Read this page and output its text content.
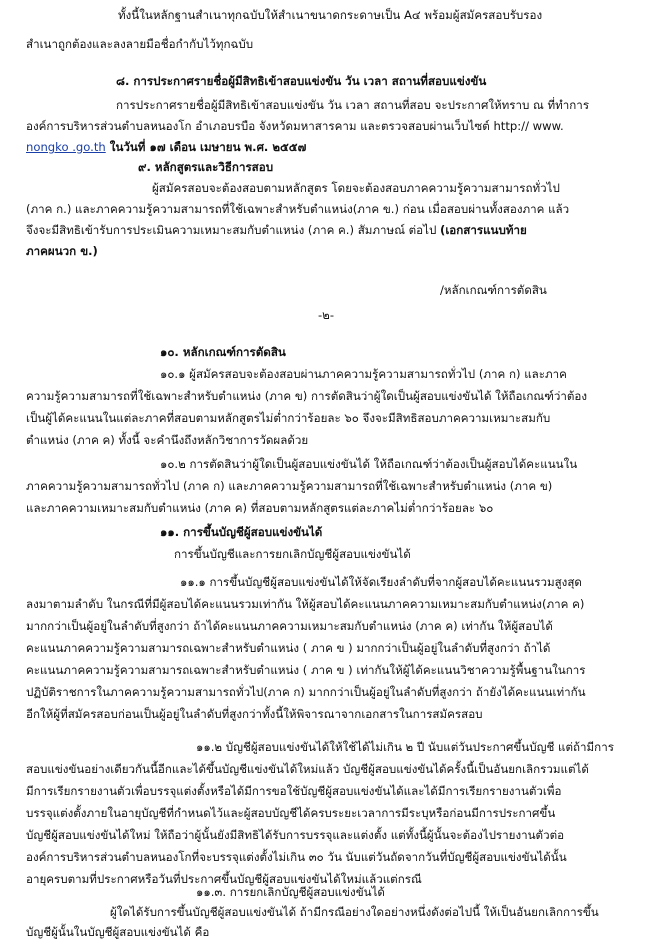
ทั้งนี้ในหลักฐานสำเนาทุกฉบับให้สำเนาขนาดกระดาษเป็น A๔ พร้อมผู้สมัครสอบรับรอง
สำเนาถูกต้องและลงลายมือชื่อกำกับไว้ทุกฉบับ
๘. การประกาศรายชื่อผู้มีสิทธิเข้าสอบแข่งขัน วัน เวลา สถานที่สอบแข่งขัน
การประกาศรายชื่อผู้มีสิทธิเข้าสอบแข่งขัน วัน เวลา สถานที่สอบ จะประกาศให้ทราบ ณ ที่ทำการ
องค์การบริหารส่วนตำบลหนองโก อำเภอบรบือ จังหวัดมหาสารคาม และตรวจสอบผ่านเว็บไซต์ http:// www.
nongko .go.th ในวันที่ ๑๗ เดือน เมษายน พ.ศ. ๒๕๕๗
๙. หลักสูตรและวิธีการสอบ
ผู้สมัครสอบจะต้องสอบตามหลักสูตร โดยจะต้องสอบภาคความรู้ความสามารถทั่วไป
(ภาค ก.) และภาคความรู้ความสามารถที่ใช้เฉพาะสำหรับตำแหน่ง(ภาค ข.) ก่อน เมื่อสอบผ่านทั้งสองภาค แล้ว
จึงจะมีสิทธิเข้ารับการประเมินความเหมาะสมกับตำแหน่ง (ภาค ค.) สัมภาษณ์ ต่อไป (เอกสารแนบท้าย
ภาคผนวก ข.)
/หลักเกณฑ์การตัดสิน
-๒-
๑๐. หลักเกณฑ์การตัดสิน
๑๐.๑ ผู้สมัครสอบจะต้องสอบผ่านภาคความรู้ความสามารถทั่วไป (ภาค ก) และภาค
ความรู้ความสามารถที่ใช้เฉพาะสำหรับตำแหน่ง (ภาค ข) การตัดสินว่าผู้ใดเป็นผู้สอบแข่งขันได้ ให้ถือเกณฑ์ว่าต้อง
เป็นผู้ได้คะแนนในแต่ละภาคที่สอบตามหลักสูตรไม่ต่ำกว่าร้อยละ ๖๐ จึงจะมีสิทธิสอบภาคความเหมาะสมกับ
ตำแหน่ง (ภาค ค) ทั้งนี้ จะคำนึงถึงหลักวิชาการวัดผลด้วย
๑๐.๒ การตัดสินว่าผู้ใดเป็นผู้สอบแข่งขันได้ ให้ถือเกณฑ์ว่าต้องเป็นผู้สอบได้คะแนนใน
ภาคความรู้ความสามารถทั่วไป (ภาค ก) และภาคความรู้ความสามารถที่ใช้เฉพาะสำหรับตำแหน่ง (ภาค ข)
และภาคความเหมาะสมกับตำแหน่ง (ภาค ค) ที่สอบตามหลักสูตรแต่ละภาคไม่ต่ำกว่าร้อยละ ๖๐
๑๑. การขึ้นบัญชีผู้สอบแข่งขันได้
การขึ้นบัญชีและการยกเลิกบัญชีผู้สอบแข่งขันได้
๑๑.๑ การขึ้นบัญชีผู้สอบแข่งขันได้ให้จัดเรียงลำดับที่จากผู้สอบได้คะแนนรวมสูงสุด
ลงมาตามลำดับ ในกรณีที่มีผู้สอบได้คะแนนรวมเท่ากัน ให้ผู้สอบได้คะแนนภาคความเหมาะสมกับตำแหน่ง(ภาค ค)
มากกว่าเป็นผู้อยู่ในลำดับที่สูงกว่า ถ้าได้คะแนนภาคความเหมาะสมกับตำแหน่ง (ภาค ค) เท่ากัน ให้ผู้สอบได้
คะแนนภาคความรู้ความสามารถเฉพาะสำหรับตำแหน่ง ( ภาค ข ) มากกว่าเป็นผู้อยู่ในลำดับที่สูงกว่า ถ้าได้
คะแนนภาคความรู้ความสามารถเฉพาะสำหรับตำแหน่ง ( ภาค ข ) เท่ากันให้ผู้ได้คะแนนวิชาความรู้พื้นฐานในการ
ปฏิบัติราชการในภาคความรู้ความสามารถทั่วไป(ภาค ก) มากกว่าเป็นผู้อยู่ในลำดับที่สูงกว่า ถ้ายังได้คะแนนเท่ากัน
อีกให้ผู้ที่สมัครสอบก่อนเป็นผู้อยู่ในลำดับที่สูงกว่าทั้งนี้ให้พิจารณาจากเอกสารในการสมัครสอบ
๑๑.๒ บัญชีผู้สอบแข่งขันได้ให้ใช้ได้ไม่เกิน ๒ ปี นับแต่วันประกาศขึ้นบัญชี แต่ถ้ามีการ
สอบแข่งขันอย่างเดียวกันนี้อีกและได้ขึ้นบัญชีแข่งขันได้ใหม่แล้ว บัญชีผู้สอบแข่งขันได้ครั้งนี้เป็นอันยกเลิกรวมแต่ได้
มีการเรียกรายงานตัวเพื่อบรรจุแต่งตั้งหรือได้มีการขอใช้บัญชีผู้สอบแข่งขันได้และได้มีการเรียกรายงานตัวเพื่อ
บรรจุแต่งตั้งภายในอายุบัญชีที่กำหนดไว้และผู้สอบบัญชีได้ครบระยะเวลาการมีระบุหรือก่อนมีการประกาศขึ้น
บัญชีผู้สอบแข่งขันได้ใหม่ ให้ถือว่าผู้นั้นยังมีสิทธิได้รับการบรรจุและแต่งตั้ง แต่ทั้งนี้ผู้นั้นจะต้องไปรายงานตัวต่อ
องค์การบริหารส่วนตำบลหนองโกที่จะบรรจุแต่งตั้งไม่เกิน ๓๐ วัน นับแต่วันถัดจากวันที่บัญชีผู้สอบแข่งขันได้นั้น
อายุครบตามที่ประกาศหรือวันที่ประกาศขึ้นบัญชีผู้สอบแข่งขันได้ใหม่แล้วแต่กรณี
๑๑.๓. การยกเลิกบัญชีผู้สอบแข่งขันได้
ผู้ใดได้รับการขึ้นบัญชีผู้สอบแข่งขันได้ ถ้ามีกรณีอย่างใดอย่างหนึ่งดังต่อไปนี้ ให้เป็นอันยกเลิกการขึ้น
บัญชีผู้นั้นในบัญชีผู้สอบแข่งขันได้ คือ
